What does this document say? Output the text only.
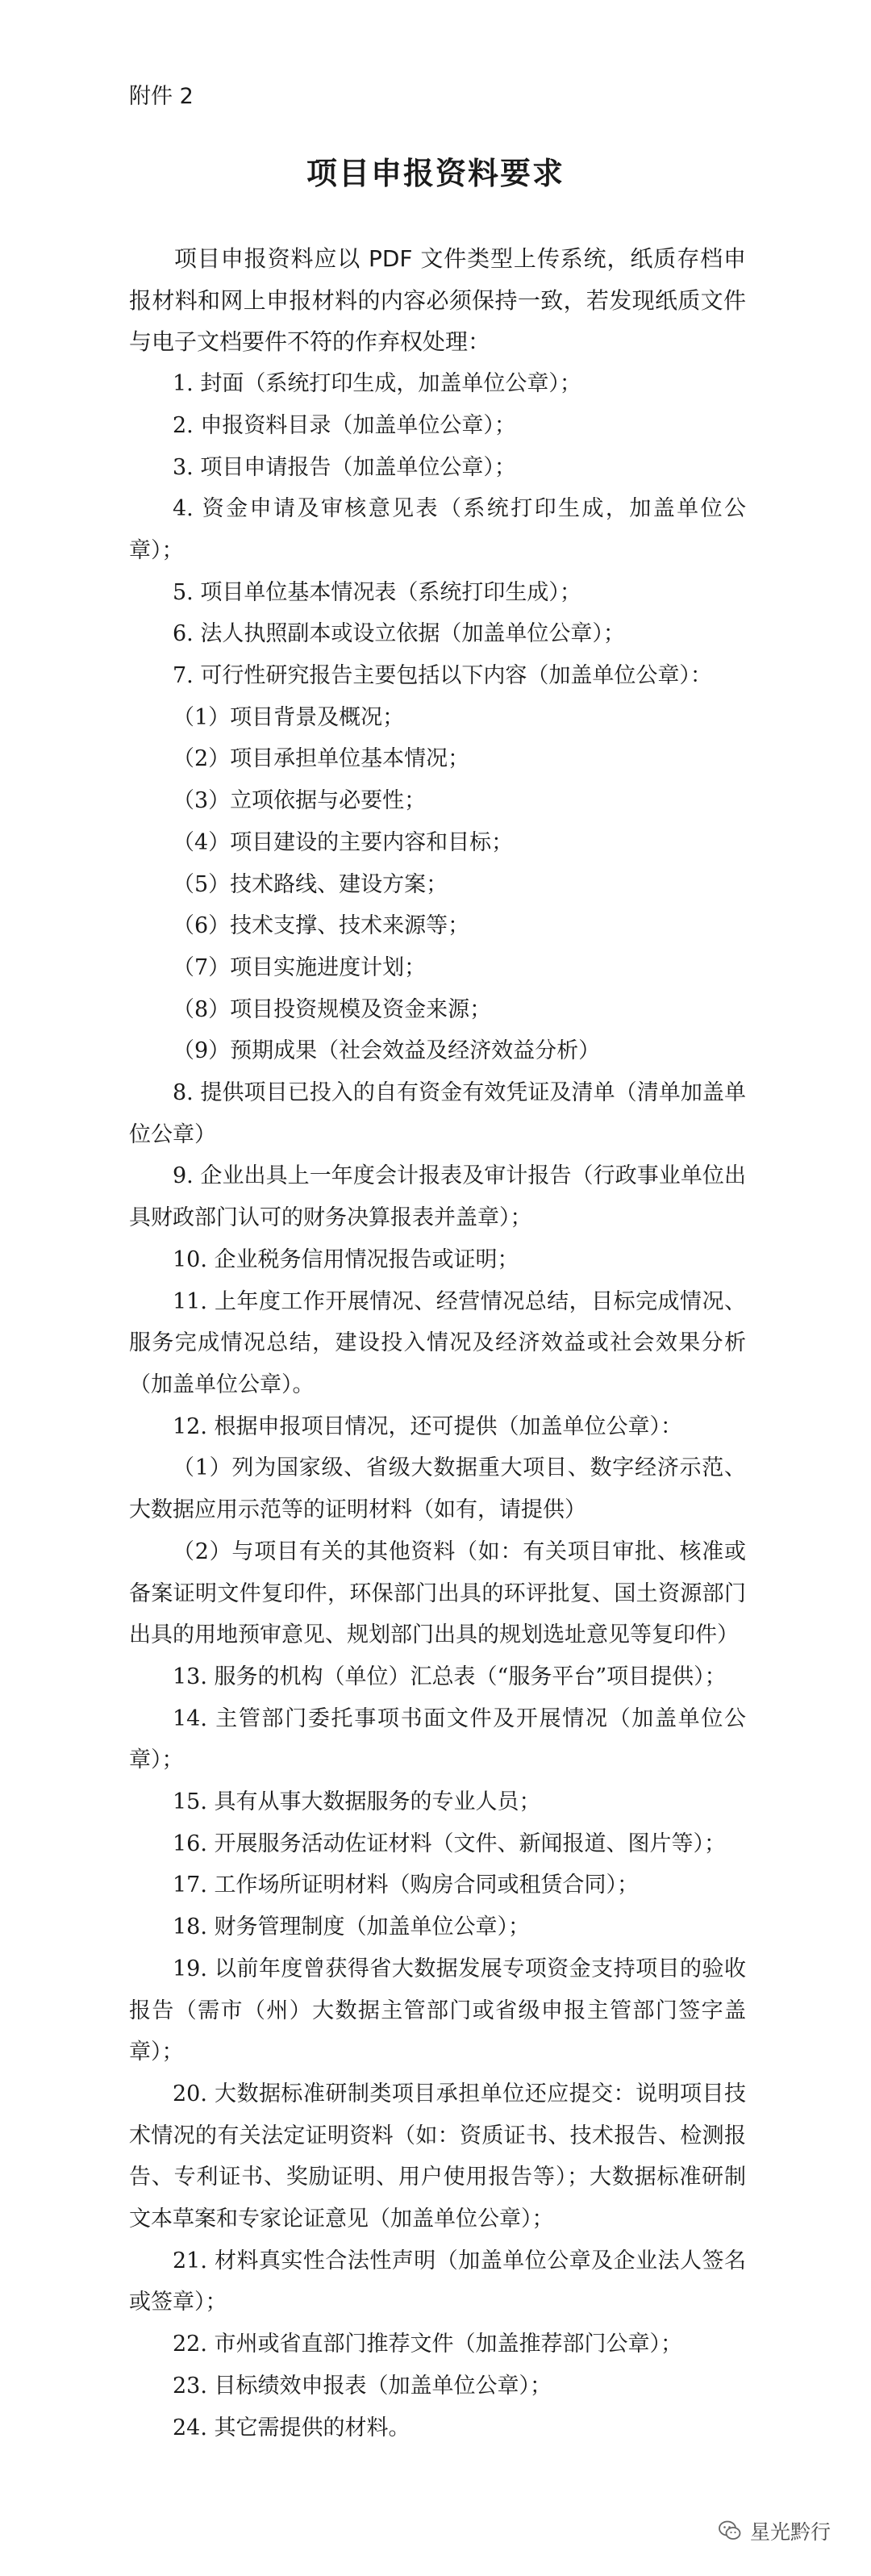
附件 2
项目申报资料要求

项目申报资料应以 PDF 文件类型上传系统，纸质存档申报材料和网上申报材料的内容必须保持一致，若发现纸质文件与电子文档要件不符的作弃权处理：

1. 封面（系统打印生成，加盖单位公章）；

2. 申报资料目录（加盖单位公章）；

3. 项目申请报告（加盖单位公章）；

4. 资金申请及审核意见表（系统打印生成，加盖单位公章）；

5. 项目单位基本情况表（系统打印生成）；

6. 法人执照副本或设立依据（加盖单位公章）；

7. 可行性研究报告主要包括以下内容（加盖单位公章）：

（1）项目背景及概况；

（2）项目承担单位基本情况；

（3）立项依据与必要性；

（4）项目建设的主要内容和目标；

（5）技术路线、建设方案；

（6）技术支撑、技术来源等；

（7）项目实施进度计划；

（8）项目投资规模及资金来源；

（9）预期成果（社会效益及经济效益分析）

8. 提供项目已投入的自有资金有效凭证及清单（清单加盖单位公章）

9. 企业出具上一年度会计报表及审计报告（行政事业单位出具财政部门认可的财务决算报表并盖章）；

10. 企业税务信用情况报告或证明；

11. 上年度工作开展情况、经营情况总结，目标完成情况、服务完成情况总结，建设投入情况及经济效益或社会效果分析（加盖单位公章）。

12. 根据申报项目情况，还可提供（加盖单位公章）：

（1）列为国家级、省级大数据重大项目、数字经济示范、大数据应用示范等的证明材料（如有，请提供）

（2）与项目有关的其他资料（如：有关项目审批、核准或备案证明文件复印件，环保部门出具的环评批复、国土资源部门出具的用地预审意见、规划部门出具的规划选址意见等复印件）

13. 服务的机构（单位）汇总表（“服务平台”项目提供）；

14. 主管部门委托事项书面文件及开展情况（加盖单位公章）；

15. 具有从事大数据服务的专业人员；

16. 开展服务活动佐证材料（文件、新闻报道、图片等）；

17. 工作场所证明材料（购房合同或租赁合同）；

18. 财务管理制度（加盖单位公章）；

19. 以前年度曾获得省大数据发展专项资金支持项目的验收报告（需市（州）大数据主管部门或省级申报主管部门签字盖章）；

20. 大数据标准研制类项目承担单位还应提交：说明项目技术情况的有关法定证明资料（如：资质证书、技术报告、检测报告、专利证书、奖励证明、用户使用报告等）；大数据标准研制文本草案和专家论证意见（加盖单位公章）；

21. 材料真实性合法性声明（加盖单位公章及企业法人签名或签章）；

22. 市州或省直部门推荐文件（加盖推荐部门公章）；

23. 目标绩效申报表（加盖单位公章）；

24. 其它需提供的材料。

星光黔行
